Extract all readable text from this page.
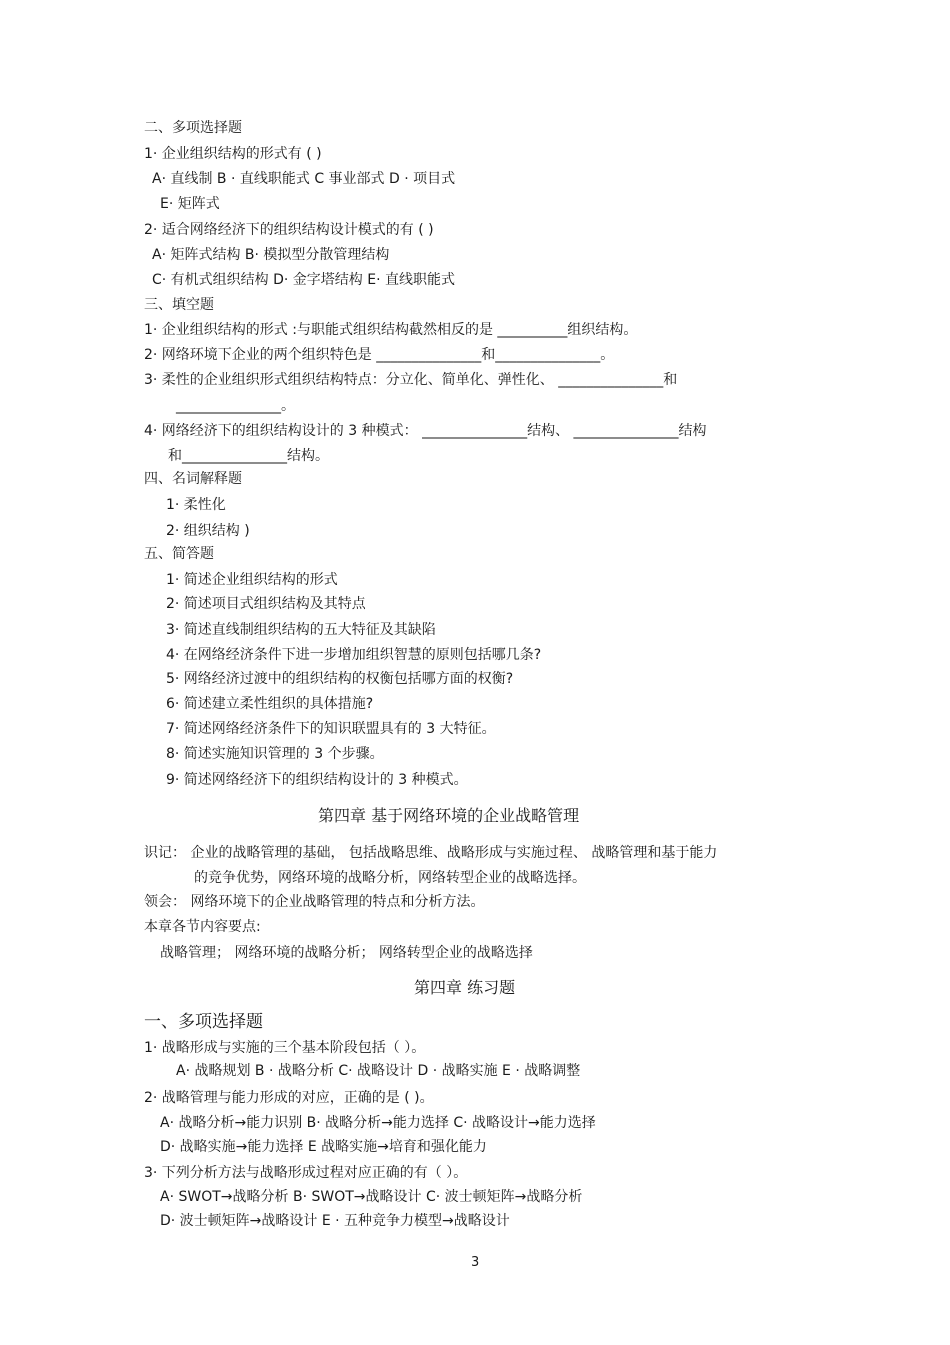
二、多项选择题
1· 企业组织结构的形式有 ( )
A· 直线制 B · 直线职能式 C 事业部式 D · 项目式
E· 矩阵式
2· 适合网络经济下的组织结构设计模式的有 ( )
A· 矩阵式结构 B· 模拟型分散管理结构
C· 有机式组织结构 D· 金字塔结构 E· 直线职能式
三、填空题
1· 企业组织结构的形式 :与职能式组织结构截然相反的是 __________组织结构。
2· 网络环境下企业的两个组织特色是 _______________和_______________。
3· 柔性的企业组织形式组织结构特点：分立化、简单化、弹性化、 _______________和
_______________。
4· 网络经济下的组织结构设计的 3 种模式： _______________结构、 _______________结构
和_______________结构。
四、名词解释题
1· 柔性化
2· 组织结构 )
五、简答题
1· 简述企业组织结构的形式
2· 简述项目式组织结构及其特点
3· 简述直线制组织结构的五大特征及其缺陷
4· 在网络经济条件下进一步增加组织智慧的原则包括哪几条?
5· 网络经济过渡中的组织结构的权衡包括哪方面的权衡?
6· 简述建立柔性组织的具体措施?
7· 简述网络经济条件下的知识联盟具有的 3 大特征。
8· 简述实施知识管理的 3 个步骤。
9· 简述网络经济下的组织结构设计的 3 种模式。
第四章 基于网络环境的企业战略管理
识记： 企业的战略管理的基础， 包括战略思维、战略形成与实施过程、 战略管理和基于能力
的竞争优势，网络环境的战略分析，网络转型企业的战略选择。
领会： 网络环境下的企业战略管理的特点和分析方法。
本章各节内容要点:
战略管理； 网络环境的战略分析； 网络转型企业的战略选择
第四章 练习题
一、多项选择题
1· 战略形成与实施的三个基本阶段包括（ ）。
A· 战略规划 B · 战略分析 C· 战略设计 D · 战略实施 E · 战略调整
2· 战略管理与能力形成的对应，正确的是 ( )。
A· 战略分析→能力识别 B· 战略分析→能力选择 C· 战略设计→能力选择
D· 战略实施→能力选择 E 战略实施→培育和强化能力
3· 下列分析方法与战略形成过程对应正确的有（ ）。
A· SWOT→战略分析 B· SWOT→战略设计 C· 波士顿矩阵→战略分析
D· 波士顿矩阵→战略设计 E · 五种竞争力模型→战略设计
3
